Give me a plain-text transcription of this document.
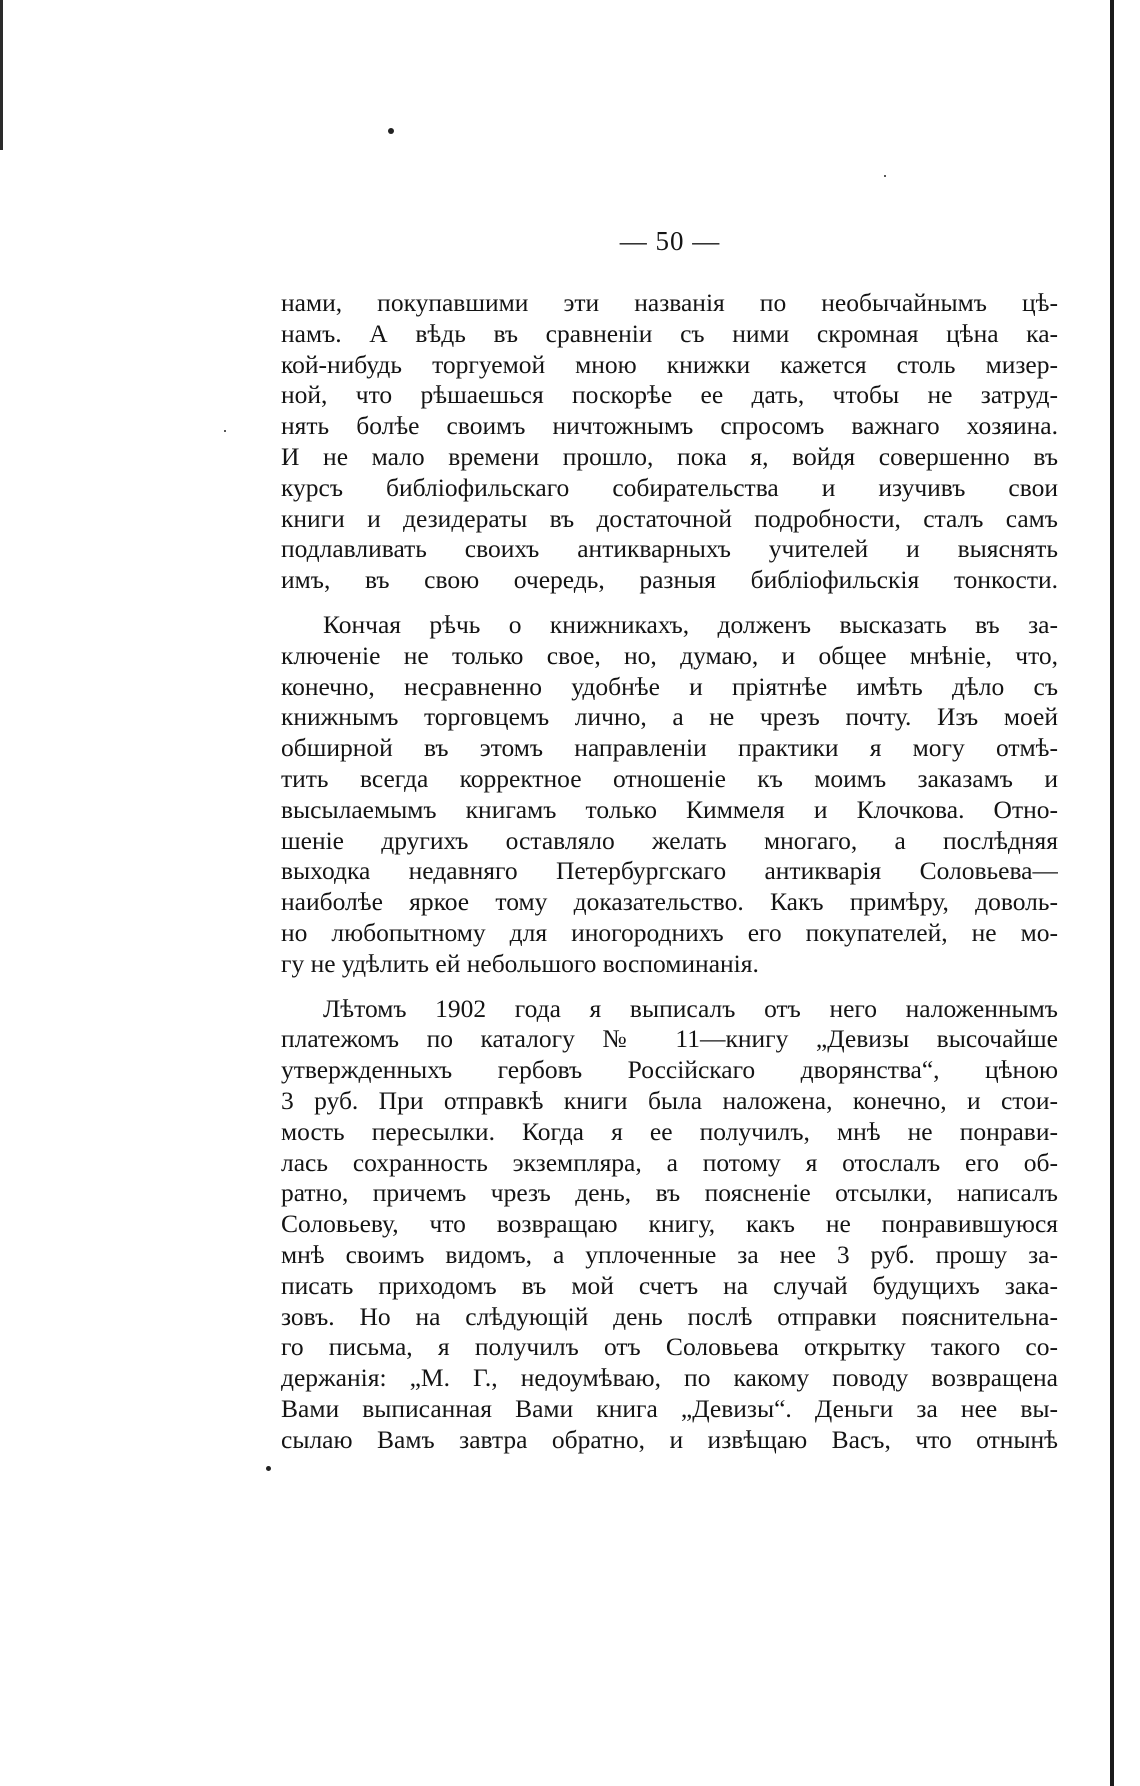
— 50 —
нами, покупавшими эти названія по необычайнымъ цѣ-
намъ. А вѣдь въ сравненіи съ ними скромная цѣна ка-
кой-нибудь торгуемой мною книжки кажется столь мизер-
ной, что рѣшаешься поскорѣе ее дать, чтобы не затруд-
нять болѣе своимъ ничтожнымъ спросомъ важнаго хозяина.
И не мало времени прошло, пока я, войдя совершенно въ
курсъ библіофильскаго собирательства и изучивъ свои
книги и дезидераты въ достаточной подробности, сталъ самъ
подлавливать своихъ антикварныхъ учителей и выяснять
имъ, въ свою очередь, разныя библіофильскія тонкости.
Кончая рѣчь о книжникахъ, долженъ высказать въ за-
ключеніе не только свое, но, думаю, и общее мнѣніе, что,
конечно, несравненно удобнѣе и пріятнѣе имѣть дѣло съ
книжнымъ торговцемъ лично, а не чрезъ почту. Изъ моей
обширной въ этомъ направленіи практики я могу отмѣ-
тить всегда корректное отношеніе къ моимъ заказамъ и
высылаемымъ книгамъ только Киммеля и Клочкова. Отно-
шеніе другихъ оставляло желать многаго, а послѣдняя
выходка недавняго Петербургскаго антикварія Соловьева—
наиболѣе яркое тому доказательство. Какъ примѣру, доволь-
но любопытному для иногороднихъ его покупателей, не мо-
гу не удѣлить ей небольшого воспоминанія.
Лѣтомъ 1902 года я выписалъ отъ него наложеннымъ
платежомъ по каталогу № 11—книгу „Девизы высочайше
утвержденныхъ гербовъ Россійскаго дворянства“, цѣною
3 руб. При отправкѣ книги была наложена, конечно, и стои-
мость пересылки. Когда я ее получилъ, мнѣ не понрави-
лась сохранность экземпляра, а потому я отослалъ его об-
ратно, причемъ чрезъ день, въ поясненіе отсылки, написалъ
Соловьеву, что возвращаю книгу, какъ не понравившуюся
мнѣ своимъ видомъ, а уплоченные за нее 3 руб. прошу за-
писать приходомъ въ мой счетъ на случай будущихъ зака-
зовъ. Но на слѣдующій день послѣ отправки пояснительна-
го письма, я получилъ отъ Соловьева открытку такого со-
держанія: „М. Г., недоумѣваю, по какому поводу возвращена
Вами выписанная Вами книга „Девизы“. Деньги за нее вы-
сылаю Вамъ завтра обратно, и извѣщаю Васъ, что отнынѣ
